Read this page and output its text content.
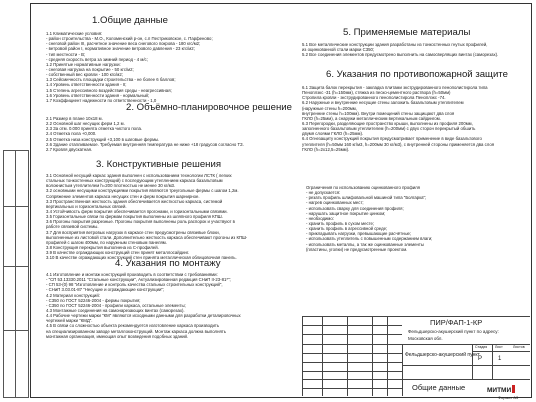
1.Общие данные
1.1 Климатические условия:
- район строительства - М.О., Коломенский р-он, с.п Пестриковское, с. Парфеново;
- снеговой район III, расчетное значение веса снегового покрова - 180 кгс/м2;
- ветровой район I, нормативное значение ветрового давления - 23 кгс/м2;
- тип местности - В;
- средняя скорость ветра за зимний период - 4 м/с;
1.2 Принятые нормативные нагрузки:
- снеговая нагрузка на покрытие - 50 кгс/м2;
- собственный вес кровли - 100 кгс/м2;
1.3 Сейсмичность площадки строительства - не более 6 баллов;
1.4 Уровень ответственности здания - II;
1.5 Степень агрессивного воздействия среды - неагрессивная;
1.6 Уровень ответственности здания - нормальный;
1.7 Коэффициент надежности по ответственности - 1,0
2. Объёмно-планировочное решение
2.1 Размер в плане 10х18 м.
2.2 Основной шаг несущих ферм 1,2 м.
2.3 За отм. 0.000 принята отметка чистого пола.
2.4 Отметка пола +0,000.
2.5 Отметка низа конструкций +3,100 в шаговые фермы.
2.6 Здание отапливаемое. Требуемая внутренняя температура не ниже +18 градусов согласно ТЗ.
2.7 Кровля двускатная.
3. Конструктивные решения
3.1 Основной несущий каркас здания выполнен с использованием технологии ЛСТК ( легких
стальных тонкостенных конструкций) с последующим утеплением каркаса базальтовым
волокнистым утеплителем h=200 плотностью не менее 30 кг/м3.
3.2 основными несущими конструкциями покрытия являются треугольные фермы с шагом 1,2м.
Сопряжение элементов каркаса несущих стен и ферм покрытия шарнирное.
3.3 Пространственная жесткость здания обеспечивается жесткостью каркаса, системой
вертикальных и горизонтальных связей.
3.4 Устойчивость ферм покрытия обеспечивается прогонами, и горизонтальными связями.
3.5 Горизонтальные связи по фермам покрытия выполнены из шляпного профиля КПШ.
3.6 Прогоны покрытия разрезные. Прогоны покрытия выполнены роль распорок и участвуют в
работе связевой системы.
3.7 Для восприятия ветровых нагрузок в каркасе стен предусмотрены связевые блоки,
выполненные из листовой стали. Дополнительно жесткость каркаса обеспечивают прогоны из КПШ-
профилей с шагом 400мм, по наружным стеновым панелям.
3.8 Конструкция перекрытия выполнена из С-профилей.
3.9 В качестве ограждающих конструкций стен принят металлосайдинг.
3.10 В качестве ограждающих конструкций стен принята металлическая облицовочная панель.
4. Указания по монтажу
4.1 Изготовление и монтаж конструкций производить в соответствии с требованиями:
- "СП 53.13330.2011 "Стальные конструкции", Актуализированная редакция СНиП II-23-81*";
- СП 53-(0) 98 "Изготовление и контроль качества стальных строительных конструкций",
- СНиП 3.03.01-87 "Несущие и ограждающие конструкции";
4.2 Материал конструкций:
- С350 по ГОСТ 52246-2004 - фермы покрытия;
- С350 по ГОСТ 52246-2004 - профили каркаса, остальные элементы;
4.3 Монтажные соединения на самонарезающих винтах (саморезах).
4.4 Рабочие чертежи марки "КМ" являются исходными данными для разработки деталировочных
чертежей марки "КМД".
4.5 В связи со сложностью объекта рекомендуется изготовление каркаса производить
на специализированном заводе металлоконструкций. Монтаж каркаса должна выполнять
монтажная организация, имеющая опыт возведения подобных зданий.
5. Применяемые материалы
5.1 Все металлические конструкции здания разработаны из тонкостенных гнутых профилей,
из оцинкованной стали марки С350;
5.2 Все соединения элементов предусмотрено выполнить на самосверлящих винтах (саморезах).
6. Указания по противопожарной защите
6.1 Защита балок перекрытия - закладка плитами экструдированного пенополистирола типа
Пеноплэкс -31 (h=150мм), стяжка из песко-цементного раствора (h=50мм)
Стропила кровли - экструдированного пенополистирола Пеноплэкс -74.
6.2 Наружные и внутренние несущие стены заложить базальтовым утеплителем
(наружные стены h=200мм,
внутренние стены h=100мм). Внутри помещений стены защищают два слоя
ГКЛО (h=25мм), а снаружи металлическим вертикальным сайдингом.
6.3 Перегородки, разделяющие пространство крыши, выполнены из профиля 200мм,
заполненного базальтовым утеплителем (h=200мм) с двух сторон перекрытый обшить
двумя слоями ГКЛО (h=25мм).
6.4 Огнезащиту конструкций покрытия предусматривает применение в виде базальтового
утеплителя (h=50мм 160 кг/м3, h=200мм 30 кг/м3), с внутренней стороны применяется два слоя
ГКЛО (h=2х12,5=25мм).
Ограничения по использованию оцинкованного профиля
- не допускается:
- резать профиль шлифовальной машиной типа "Болгарка";
- нагрев оцинкованных мест;
- использовать сварку для соединения профиля;
- нарушать защитное покрытие цинком;
- необходимо:
- хранить профиль в сухом месте;
- хранить профиль в агрессивной среде;
- прикладывать нагрузки, превышающие расчётные;
- использовать утеплитель с повышенным содержанием влаги;
- использовать металлы, а так же оцинкованные элементы
(пластины, уголки) не предусмотренные проектом.
ПИР/ФАП-1-КР
Фельдшерско-акушерский пункт по адресу:
Московская обл.
Фельдшерско-акушерский пункт
Стадия Лист	Листов
Р	1
Общие данные	МИТМИ
Формат А3
